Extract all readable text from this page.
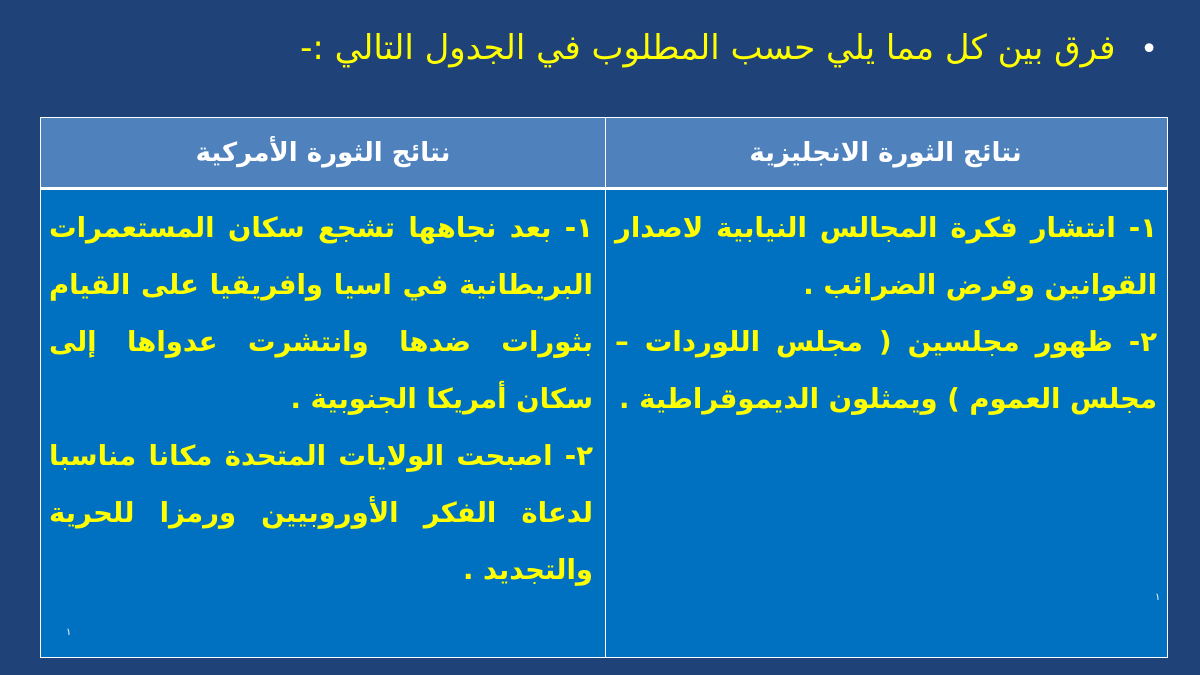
• فرق بين كل مما يلي حسب المطلوب في الجدول التالي :-
نتائج الثورة الانجليزية
نتائج الثورة الأمركية
١- انتشار فكرة المجالس النيابية لاصدار القوانين وفرض الضرائب .
٢- ظهور مجلسين ( مجلس اللوردات – مجلس العموم ) ويمثلون الديموقراطية .
١- بعد نجاهها تشجع سكان المستعمرات البريطانية في اسيا وافريقيا على القيام بثورات ضدها وانتشرت عدواها إلى سكان أمريكا الجنوبية .
٢- اصبحت الولايات المتحدة مكانا مناسبا لدعاة الفكر الأوروبيين ورمزا للحرية والتجديد .
١
١
